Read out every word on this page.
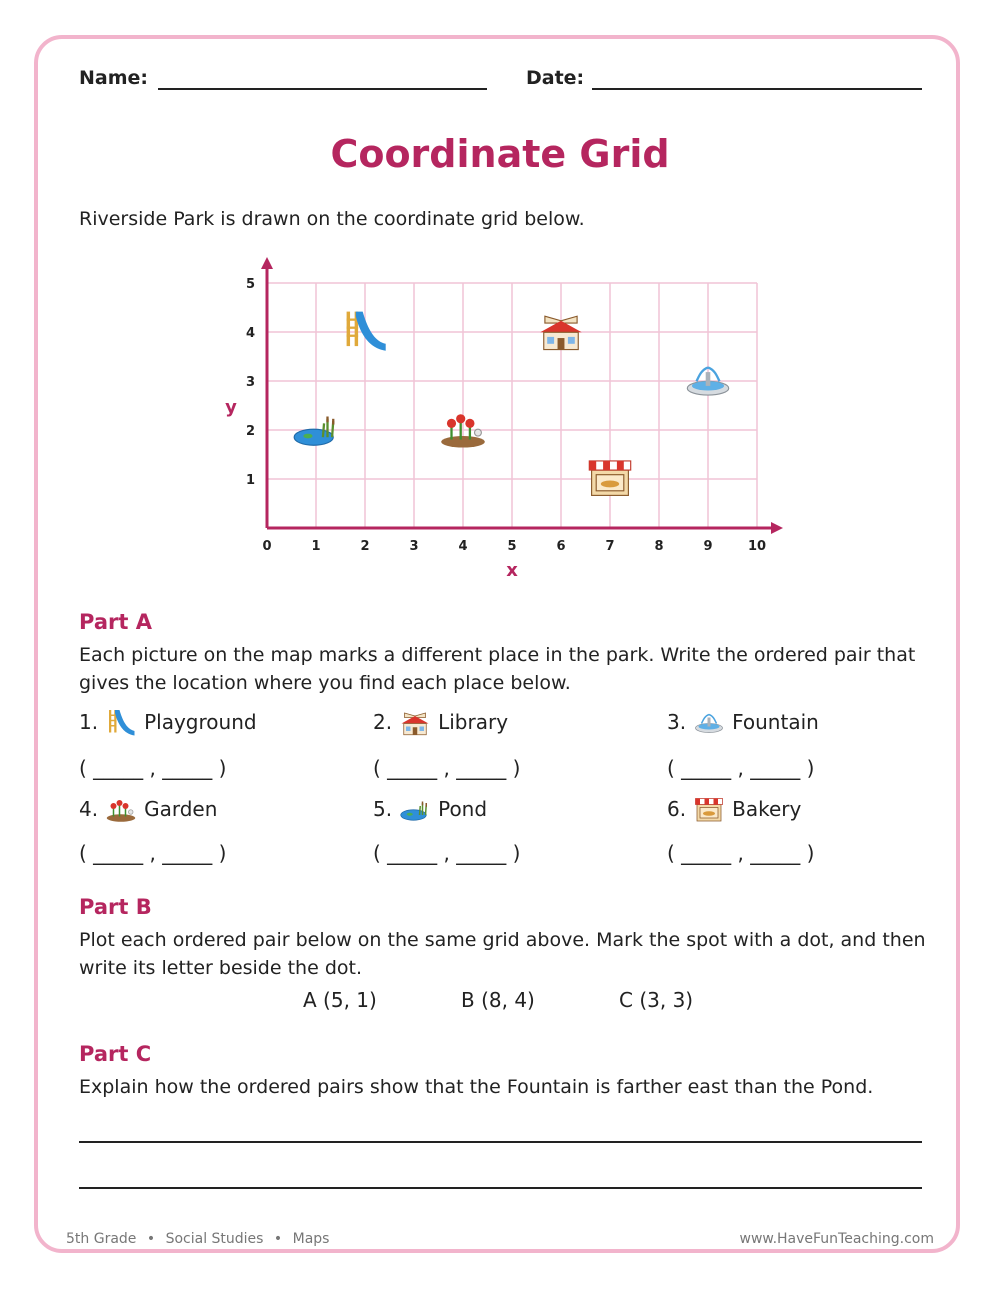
Name:	Date:
Coordinate Grid
Riverside Park is drawn on the coordinate grid below.
0	1	2	3	4	5	6	7	8	9	10
1
2
3
4
5
y
x
Part A
Each picture on the map marks a different place in the park. Write the ordered pair that
gives the location where you find each place below.
1. Playground
( _____ , _____ )
2. Library
( _____ , _____ )
3. Fountain
( _____ , _____ )
4. Garden
( _____ , _____ )
5. Pond
( _____ , _____ )
6. Bakery
( _____ , _____ )
Part B
Plot each ordered pair below on the same grid above. Mark the spot with a dot, and then
write its letter beside the dot.
A (5, 1)	B (8, 4)	C (3, 3)
Part C
Explain how the ordered pairs show that the Fountain is farther east than the Pond.
5th Grade • Social Studies • Maps	www.HaveFunTeaching.com
